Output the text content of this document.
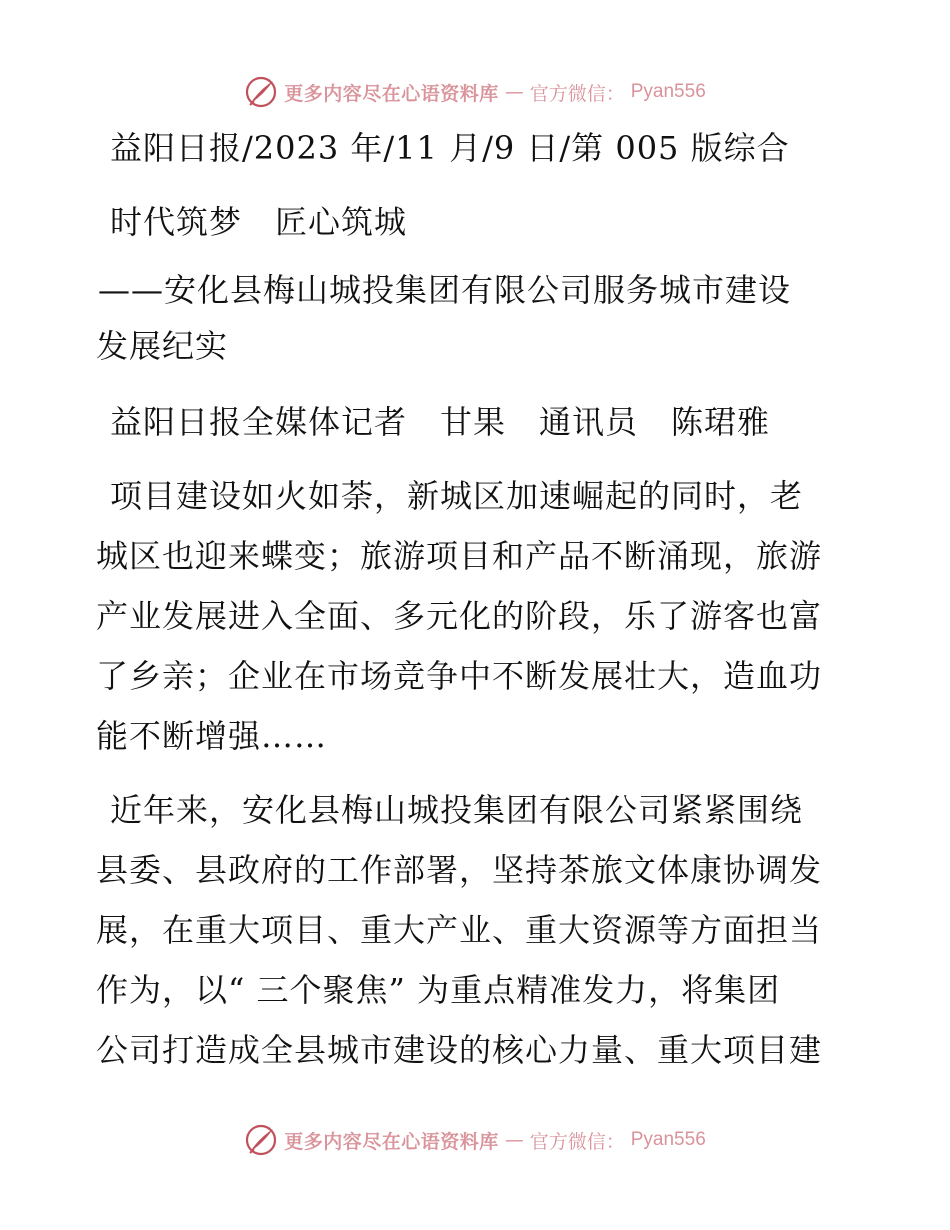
更多内容尽在心语资料库 — 官方微信： Pyan556

益阳日报/2023 年/11 月/9 日/第 005 版综合

时代筑梦　匠心筑城

——安化县梅山城投集团有限公司服务城市建设

发展纪实

益阳日报全媒体记者　甘果　通讯员　陈珺雅

项目建设如火如荼，新城区加速崛起的同时，老

城区也迎来蝶变；旅游项目和产品不断涌现，旅游

产业发展进入全面、多元化的阶段，乐了游客也富

了乡亲；企业在市场竞争中不断发展壮大，造血功

能不断增强……

近年来，安化县梅山城投集团有限公司紧紧围绕

县委、县政府的工作部署，坚持茶旅文体康协调发

展，在重大项目、重大产业、重大资源等方面担当

作为，以“ 三个聚焦” 为重点精准发力，将集团

公司打造成全县城市建设的核心力量、重大项目建

更多内容尽在心语资料库 — 官方微信： Pyan556
